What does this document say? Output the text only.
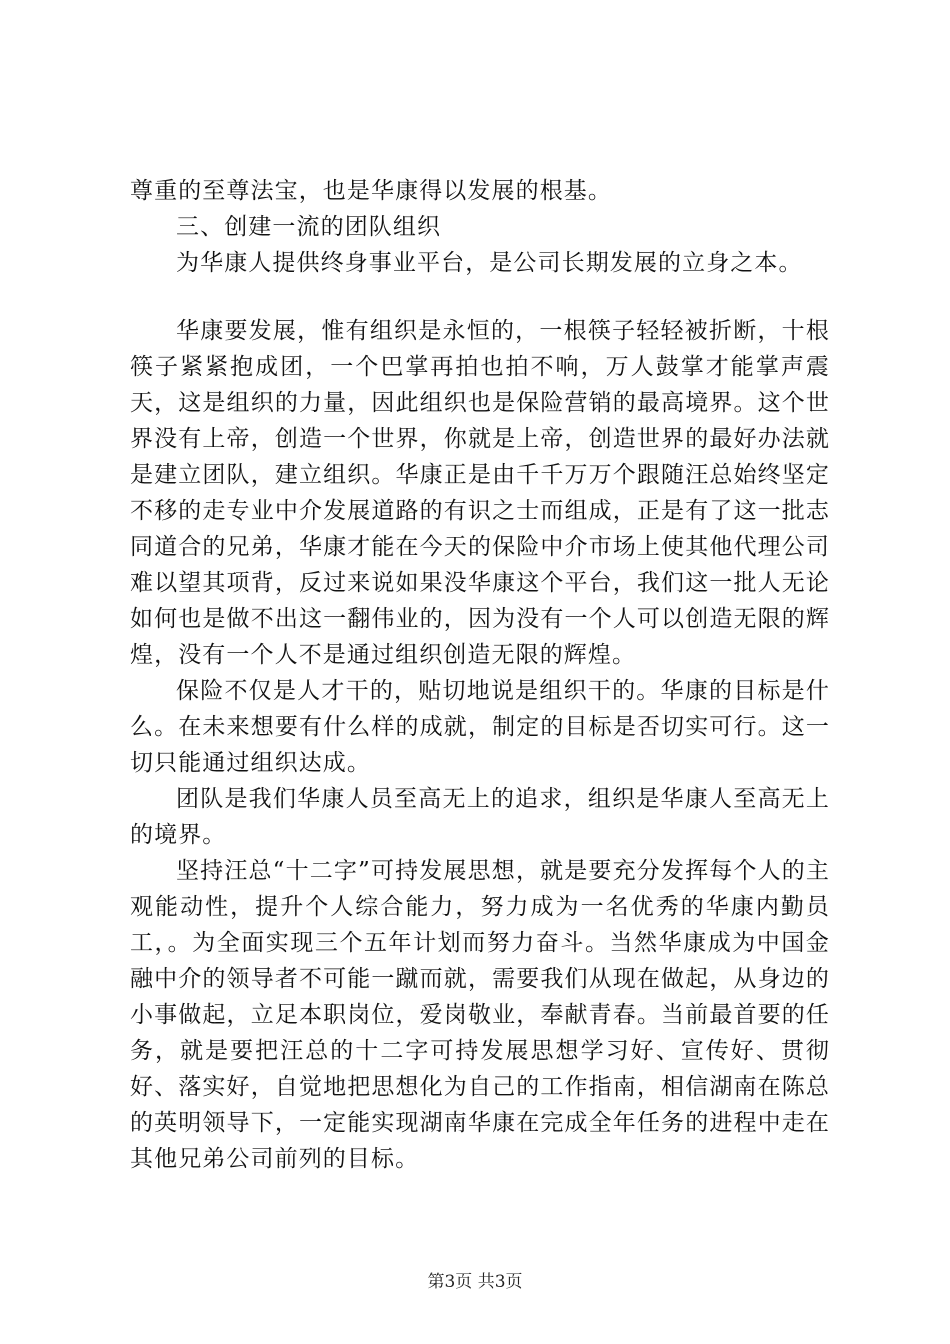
尊重的至尊法宝，也是华康得以发展的根基。

三、创建一流的团队组织

为华康人提供终身事业平台，是公司长期发展的立身之本。

华康要发展，惟有组织是永恒的，一根筷子轻轻被折断，十根筷子紧紧抱成团，一个巴掌再拍也拍不响，万人鼓掌才能掌声震天，这是组织的力量，因此组织也是保险营销的最高境界。这个世界没有上帝，创造一个世界，你就是上帝，创造世界的最好办法就是建立团队，建立组织。华康正是由千千万万个跟随汪总始终坚定不移的走专业中介发展道路的有识之士而组成，正是有了这一批志同道合的兄弟，华康才能在今天的保险中介市场上使其他代理公司难以望其项背，反过来说如果没华康这个平台，我们这一批人无论如何也是做不出这一翻伟业的，因为没有一个人可以创造无限的辉煌，没有一个人不是通过组织创造无限的辉煌。

保险不仅是人才干的，贴切地说是组织干的。华康的目标是什么。在未来想要有什么样的成就，制定的目标是否切实可行。这一切只能通过组织达成。

团队是我们华康人员至高无上的追求，组织是华康人至高无上的境界。

坚持汪总“十二字”可持发展思想，就是要充分发挥每个人的主观能动性，提升个人综合能力，努力成为一名优秀的华康内勤员工，。为全面实现三个五年计划而努力奋斗。当然华康成为中国金融中介的领导者不可能一蹴而就，需要我们从现在做起，从身边的小事做起，立足本职岗位，爱岗敬业，奉献青春。当前最首要的任务，就是要把汪总的十二字可持发展思想学习好、宣传好、贯彻好、落实好，自觉地把思想化为自己的工作指南，相信湖南在陈总的英明领导下，一定能实现湖南华康在完成全年任务的进程中走在其他兄弟公司前列的目标。

第3页 共3页
